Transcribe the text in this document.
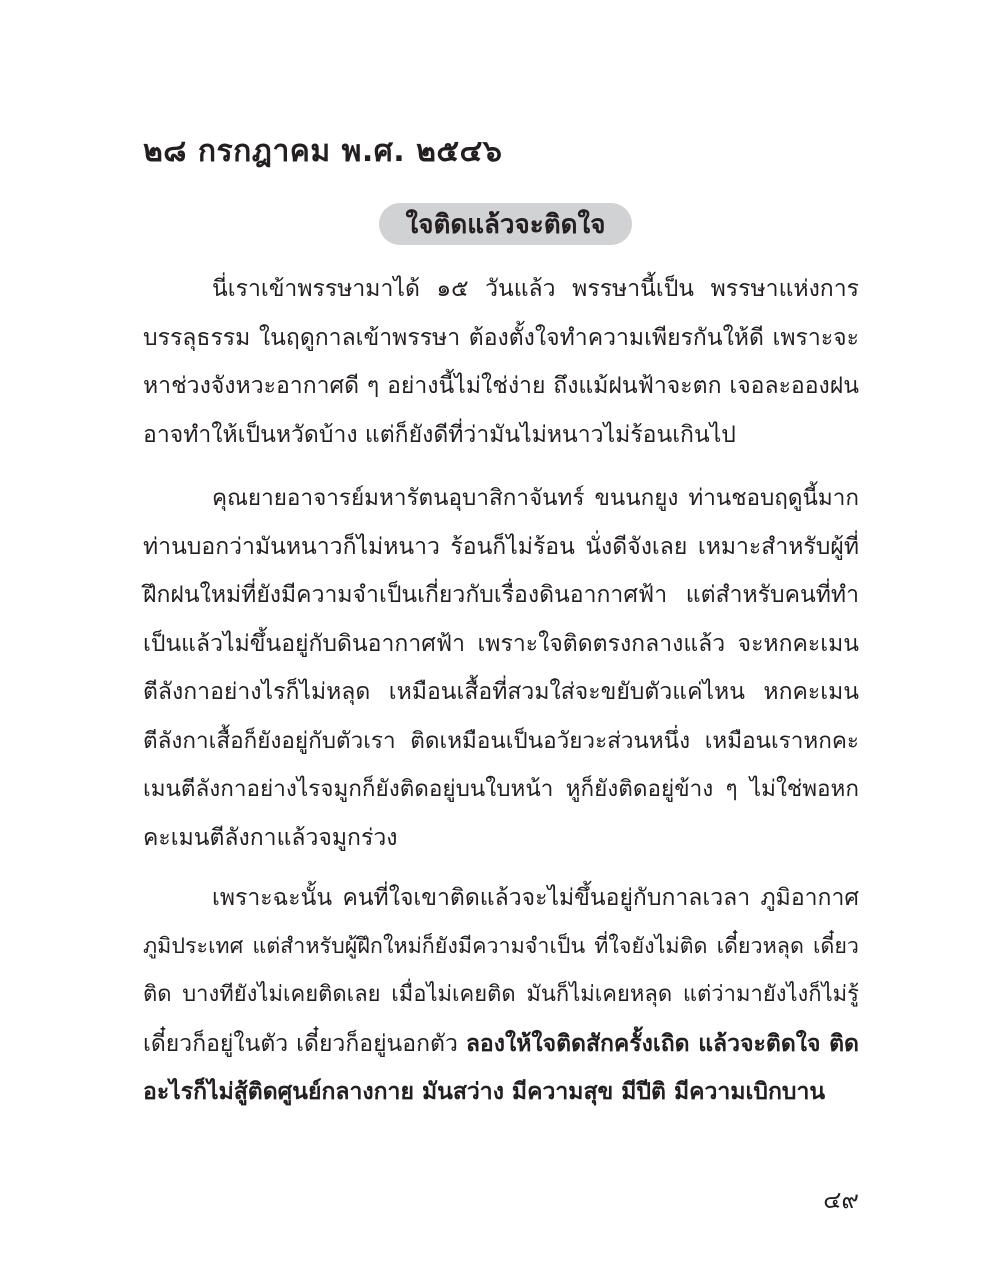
๒๘ กรกฎาคม พ.ศ. ๒๕๔๖
ใจติดแล้วจะติดใจ
นี่เราเข้าพรรษามาได้ ๑๕ วันแล้ว พรรษานี้เป็น พรรษาแห่งการ
บรรลุธรรม ในฤดูกาลเข้าพรรษา ต้องตั้งใจทำความเพียรกันให้ดี เพราะจะ
หาช่วงจังหวะอากาศดี ๆ อย่างนี้ไม่ใช่ง่าย ถึงแม้ฝนฟ้าจะตก เจอละอองฝน
อาจทำให้เป็นหวัดบ้าง แต่ก็ยังดีที่ว่ามันไม่หนาวไม่ร้อนเกินไป
คุณยายอาจารย์มหารัตนอุบาสิกาจันทร์ ขนนกยูง ท่านชอบฤดูนี้มาก
ท่านบอกว่ามันหนาวก็ไม่หนาว ร้อนก็ไม่ร้อน นั่งดีจังเลย เหมาะสำหรับผู้ที่
ฝึกฝนใหม่ที่ยังมีความจำเป็นเกี่ยวกับเรื่องดินอากาศฟ้า แต่สำหรับคนที่ทำ
เป็นแล้วไม่ขึ้นอยู่กับดินอากาศฟ้า เพราะใจติดตรงกลางแล้ว จะหกคะเมน
ตีลังกาอย่างไรก็ไม่หลุด เหมือนเสื้อที่สวมใส่จะขยับตัวแค่ไหน หกคะเมน
ตีลังกาเสื้อก็ยังอยู่กับตัวเรา ติดเหมือนเป็นอวัยวะส่วนหนึ่ง เหมือนเราหกคะ
เมนตีลังกาอย่างไรจมูกก็ยังติดอยู่บนใบหน้า หูก็ยังติดอยู่ข้าง ๆ ไม่ใช่พอหก
คะเมนตีลังกาแล้วจมูกร่วง
เพราะฉะนั้น คนที่ใจเขาติดแล้วจะไม่ขึ้นอยู่กับกาลเวลา ภูมิอากาศ
ภูมิประเทศ แต่สำหรับผู้ฝึกใหม่ก็ยังมีความจำเป็น ที่ใจยังไม่ติด เดี๋ยวหลุด เดี๋ยว
ติด บางทียังไม่เคยติดเลย เมื่อไม่เคยติด มันก็ไม่เคยหลุด แต่ว่ามายังไงก็ไม่รู้
เดี๋ยวก็อยู่ในตัว เดี๋ยวก็อยู่นอกตัว ลองให้ใจติดสักครั้งเถิด แล้วจะติดใจ ติด
อะไรก็ไม่สู้ติดศูนย์กลางกาย มันสว่าง มีความสุข มีปีติ มีความเบิกบาน

๔๙
